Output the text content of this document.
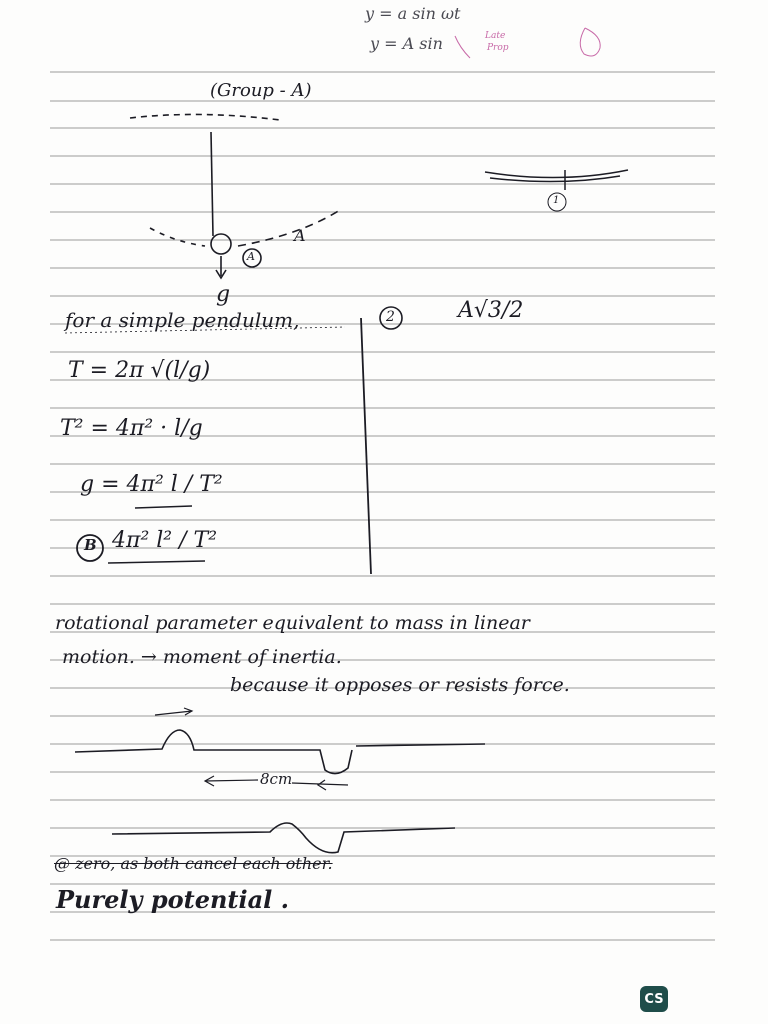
y = a sin ωt
y = A sin	Late
Prop
(Group - A)
A
A
g
1
for a simple pendulum,
T = 2π √(l/g)
T² = 4π² · l/g
g = 4π² l / T²
B 4π² l² / T²
2	A√3/2
rotational parameter equivalent to mass in linear
motion. → moment of inertia.
because it opposes or resists force.
8cm
@ zero, as both cancel each other.
Purely potential .
CS
